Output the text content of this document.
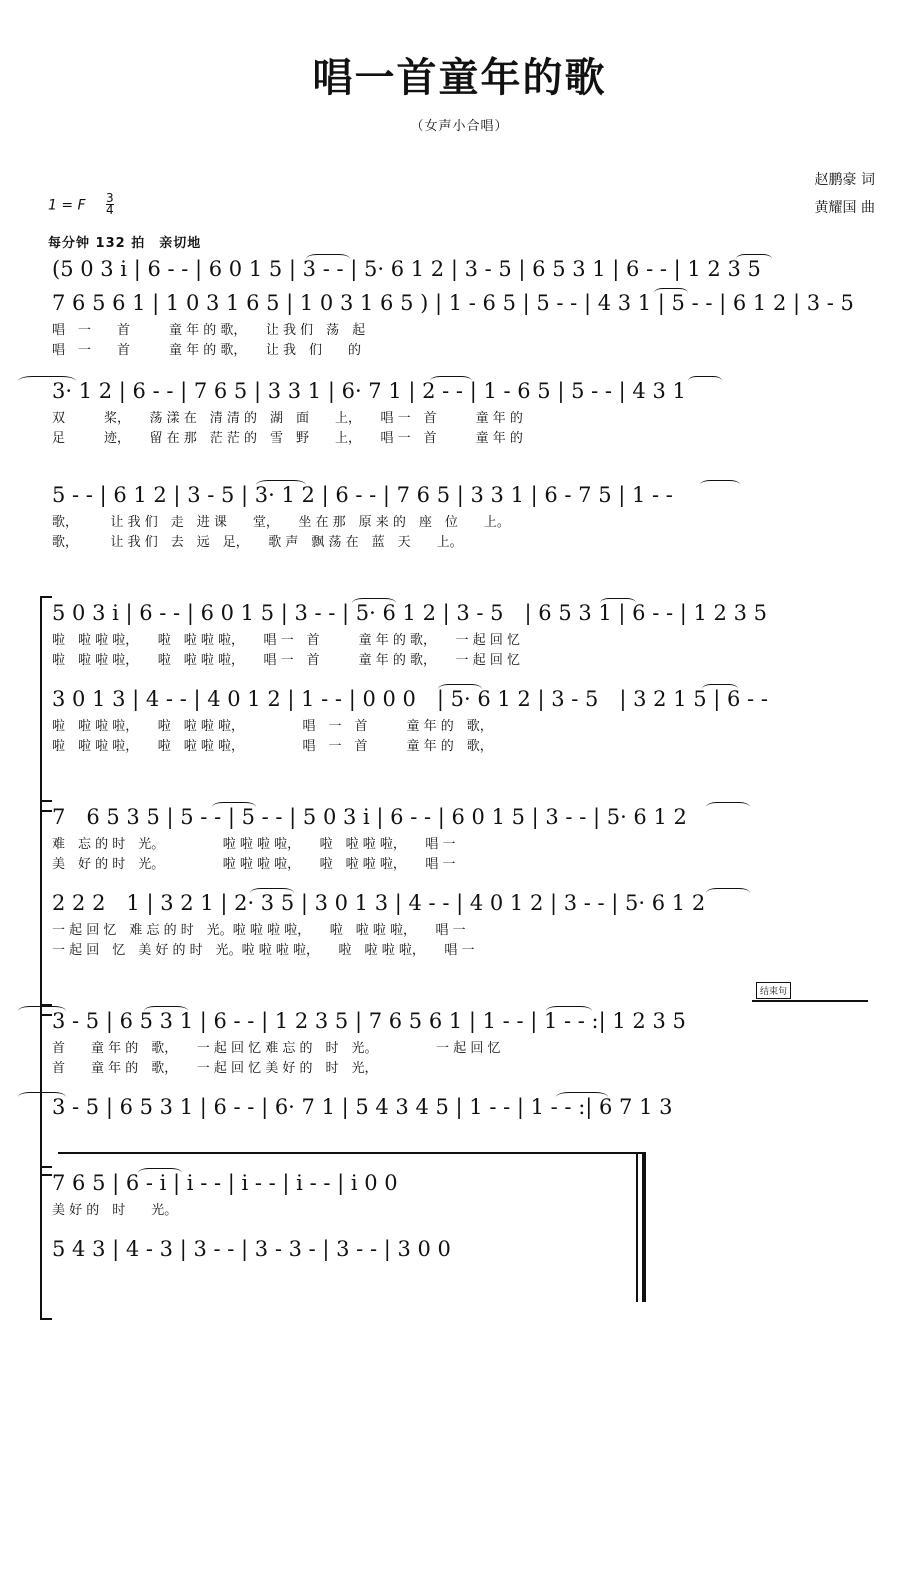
唱一首童年的歌
（女声小合唱）
赵鹏豪 词
黄耀国 曲
1 = F $\frac{3}{4}$
每分钟 132 拍　亲切地
(5 0 3 i | 6 - - | 6 0 1 5 | 3 - - | 5· 6 1 2 | 3 - 5 | 6 5 3 1 | 6 - - | 1 2 3 5
7 6 5 6 1 | 1 0 3 1 6 5 | 1 0 3 1 6 5 ) | 1 - 6 5 | 5 - - | 4 3 1 | 5 - - | 6 1 2 | 3 - 5
唱　一　　首　　　童 年 的 歌，　　让 我 们　荡　起
唱　一　　首　　　童 年 的 歌，　　让 我　们　　的
3· 1 2 | 6 - - | 7 6 5 | 3 3 1 | 6· 7 1 | 2 - - | 1 - 6 5 | 5 - - | 4 3 1
双　　　桨，　　荡 漾 在　清 清 的　湖　面　　上，　　唱 一　首　　　童 年 的
足　　　迹，　　留 在 那　茫 茫 的　雪　野　　上，　　唱 一　首　　　童 年 的
5 - - | 6 1 2 | 3 - 5 | 3· 1 2 | 6 - - | 7 6 5 | 3 3 1 | 6 - 7 5 | 1 - -
歌，　　　让 我 们　走　进 课　　堂，　　坐 在 那　原 来 的　座　位　　上。
歌，　　　让 我 们　去　远　足，　　歌 声　飘 荡 在　蓝　天　　上。
5 0 3 i | 6 - - | 6 0 1 5 | 3 - - | 5· 6 1 2 | 3 - 5　| 6 5 3 1 | 6 - - | 1 2 3 5
啦　啦 啦 啦，　　啦　啦 啦 啦，　　唱 一　首　　　童 年 的 歌，　　一 起 回 忆
啦　啦 啦 啦，　　啦　啦 啦 啦，　　唱 一　首　　　童 年 的 歌，　　一 起 回 忆
3 0 1 3 | 4 - - | 4 0 1 2 | 1 - - | 0 0 0　| 5· 6 1 2 | 3 - 5　| 3 2 1 5 | 6 - -
啦　啦 啦 啦，　　啦　啦 啦 啦，　　　　　唱　一　首　　　童 年 的　歌，
啦　啦 啦 啦，　　啦　啦 啦 啦，　　　　　唱　一　首　　　童 年 的　歌，
7　6 5 3 5 | 5 - - | 5 - - | 5 0 3 i | 6 - - | 6 0 1 5 | 3 - - | 5· 6 1 2
难　忘 的 时　光。　　　　　啦 啦 啦 啦，　　啦　啦 啦 啦，　　唱 一
美　好 的 时　光。　　　　　啦 啦 啦 啦，　　啦　啦 啦 啦，　　唱 一
2 2 2　1 | 3 2 1 | 2· 3 5 | 3 0 1 3 | 4 - - | 4 0 1 2 | 3 - - | 5· 6 1 2
一 起 回 忆　难 忘 的 时　光。啦 啦 啦 啦，　　啦　啦 啦 啦，　　唱 一
一 起 回　忆　美 好 的 时　光。啦 啦 啦 啦，　　啦　啦 啦 啦，　　唱 一
结束句
3 - 5 | 6 5 3 1 | 6 - - | 1 2 3 5 | 7 6 5 6 1 | 1 - - | 1 - - :| 1 2 3 5
首　　童 年 的　歌，　　一 起 回 忆 难 忘 的　时　光。　　　　　一 起 回 忆
首　　童 年 的　歌，　　一 起 回 忆 美 好 的　时　光，
3 - 5 | 6 5 3 1 | 6 - - | 6· 7 1 | 5 4 3 4 5 | 1 - - | 1 - - :| 6 7 1 3
7 6 5 | 6 - i | i - - | i - - | i - - | i 0 0
美 好 的　时　　光。
5 4 3 | 4 - 3 | 3 - - | 3 - 3 - | 3 - - | 3 0 0
